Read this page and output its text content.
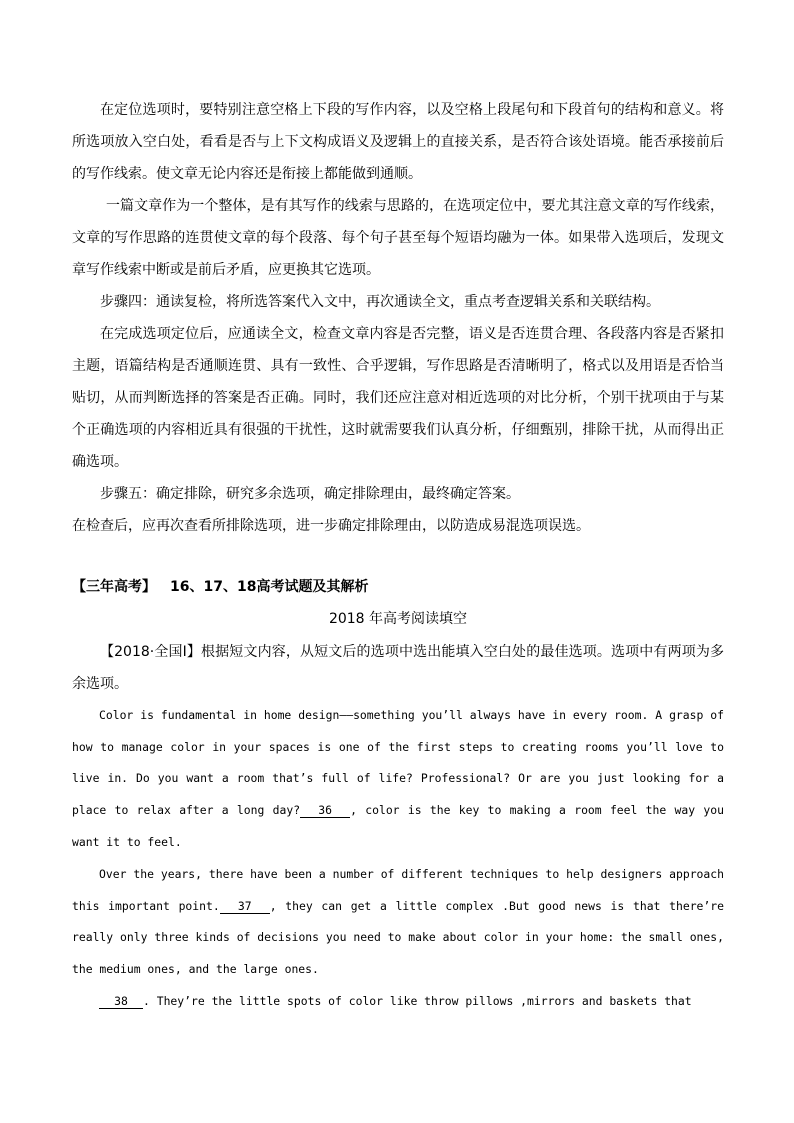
在定位选项时，要特别注意空格上下段的写作内容，以及空格上段尾句和下段首句的结构和意义。将所选项放入空白处，看看是否与上下文构成语义及逻辑上的直接关系，是否符合该处语境。能否承接前后的写作线索。使文章无论内容还是衔接上都能做到通顺。

一篇文章作为一个整体，是有其写作的线索与思路的，在选项定位中，要尤其注意文章的写作线索，文章的写作思路的连贯使文章的每个段落、每个句子甚至每个短语均融为一体。如果带入选项后，发现文章写作线索中断或是前后矛盾，应更换其它选项。

步骤四：通读复检，将所选答案代入文中，再次通读全文，重点考查逻辑关系和关联结构。

在完成选项定位后，应通读全文，检查文章内容是否完整，语义是否连贯合理、各段落内容是否紧扣主题，语篇结构是否通顺连贯、具有一致性、合乎逻辑，写作思路是否清晰明了，格式以及用语是否恰当贴切，从而判断选择的答案是否正确。同时，我们还应注意对相近选项的对比分析，个别干扰项由于与某个正确选项的内容相近具有很强的干扰性，这时就需要我们认真分析，仔细甄别，排除干扰，从而得出正确选项。

步骤五：确定排除，研究多余选项，确定排除理由，最终确定答案。

在检查后，应再次查看所排除选项，进一步确定排除理由，以防造成易混选项误选。

【三年高考】 16、17、18高考试题及其解析

2018 年高考阅读填空

【2018·全国Ⅰ】根据短文内容，从短文后的选项中选出能填入空白处的最佳选项。选项中有两项为多余选项。

Color is fundamental in home design——something you’ll always have in every room. A grasp of how to manage color in your spaces is one of the first steps to creating rooms you’ll love to live in. Do you want a room that’s full of life? Professional? Or are you just looking for a place to relax after a long day? 36 , color is the key to making a room feel the way you want it to feel.

Over the years, there have been a number of different techniques to help designers approach this important point. 37 , they can get a little complex .But good news is that there’re really only three kinds of decisions you need to make about color in your home: the small ones, the medium ones, and the large ones.

38 . They’re the little spots of color like throw pillows ,mirrors and baskets that
